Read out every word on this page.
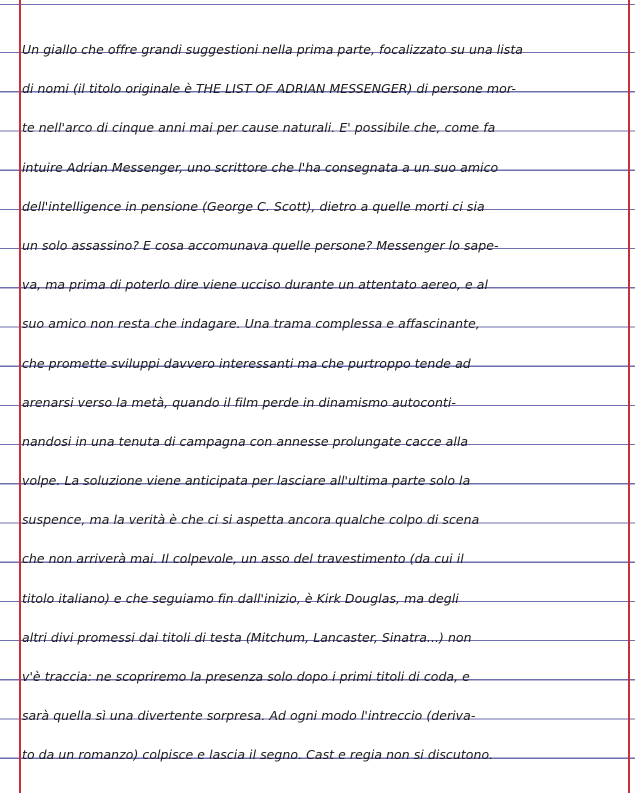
Un giallo che offre grandi suggestioni nella prima parte, focalizzato su una lista
di nomi (il titolo originale è THE LIST OF ADRIAN MESSENGER) di persone mor-
te nell'arco di cinque anni mai per cause naturali. E' possibile che, come fa
intuire Adrian Messenger, uno scrittore che l'ha consegnata a un suo amico
dell'intelligence in pensione (George C. Scott), dietro a quelle morti ci sia
un solo assassino? E cosa accomunava quelle persone? Messenger lo sape-
va, ma prima di poterlo dire viene ucciso durante un attentato aereo, e al
suo amico non resta che indagare. Una trama complessa e affascinante,
che promette sviluppi davvero interessanti ma che purtroppo tende ad
arenarsi verso la metà, quando il film perde in dinamismo autoconti-
nandosi in una tenuta di campagna con annesse prolungate cacce alla
volpe. La soluzione viene anticipata per lasciare all'ultima parte solo la
suspence, ma la verità è che ci si aspetta ancora qualche colpo di scena
che non arriverà mai. Il colpevole, un asso del travestimento (da cui il
titolo italiano) e che seguiamo fin dall'inizio, è Kirk Douglas, ma degli
altri divi promessi dai titoli di testa (Mitchum, Lancaster, Sinatra...) non
v'è traccia: ne scopriremo la presenza solo dopo i primi titoli di coda, e
sarà quella sì una divertente sorpresa. Ad ogni modo l'intreccio (deriva-
to da un romanzo) colpisce e lascia il segno. Cast e regia non si discutono.
